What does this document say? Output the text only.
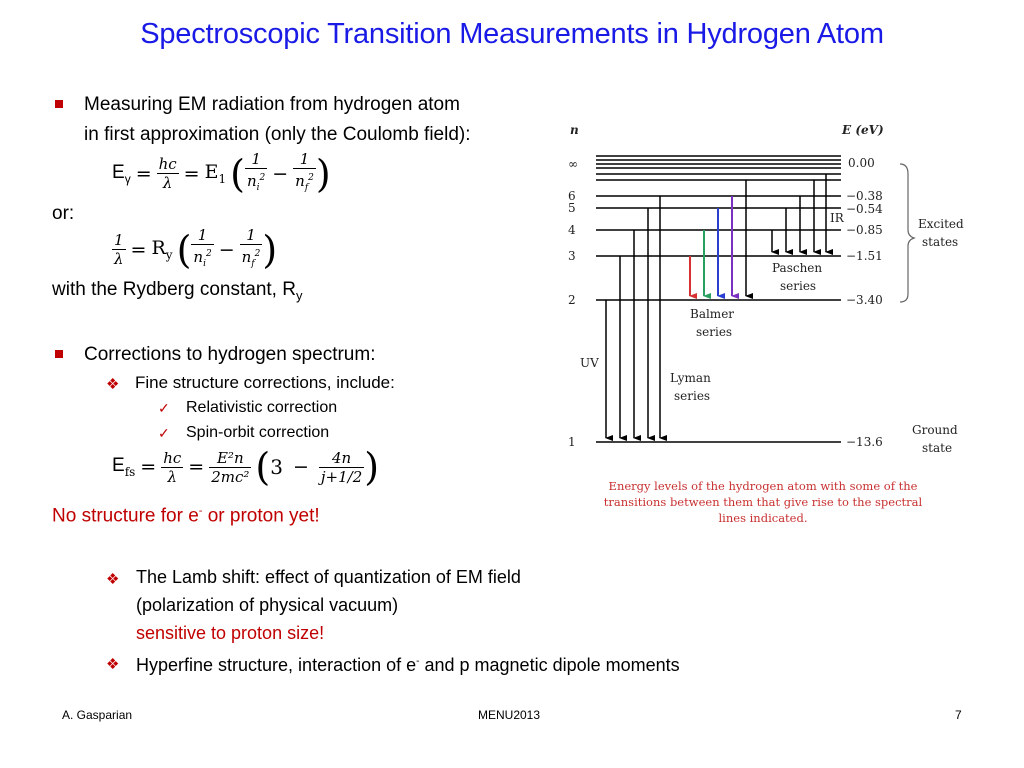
Spectroscopic Transition Measurements in Hydrogen Atom
Measuring EM radiation from hydrogen atom
in first approximation (only the Coulomb field):
$E_\gamma = \frac{\text{ℎc}}{\lambda} = E_1$ ( $\frac{1}{n_i^2} - \frac{1}{n_f^2}$ )
or:
$\frac{1}{\lambda} = R_y$ ( $\frac{1}{n_i^2} - \frac{1}{n_f^2}$ )
with the Rydberg constant, $R_y$
Corrections to hydrogen spectrum:
❖ Fine structure corrections, include:
✓ Relativistic correction
✓ Spin-orbit correction
$E_{fs} = \frac{hc}{\lambda} = \frac{\text{E²n}}{\text{2mc²}}$ ( $3 - \frac{4n}{j+1/2}$ )
No structure for e- or proton yet!
❖ The Lamb shift: effect of quantization of EM field
(polarization of physical vacuum)
sensitive to proton size!
❖ Hyperfine structure, interaction of e- and p magnetic dipole moments
n	E (eV)
∞
6
5
4
3
2
1
0.00
−0.38
−0.54
−0.85
−1.51
−3.40
−13.6
Excited
states
Ground
state
UV
Lyman
series
Balmer
series
IR
Paschen
series
Energy levels of the hydrogen atom with some of the
transitions between them that give rise to the spectral
lines indicated.
A. Gasparian	MENU2013	7
